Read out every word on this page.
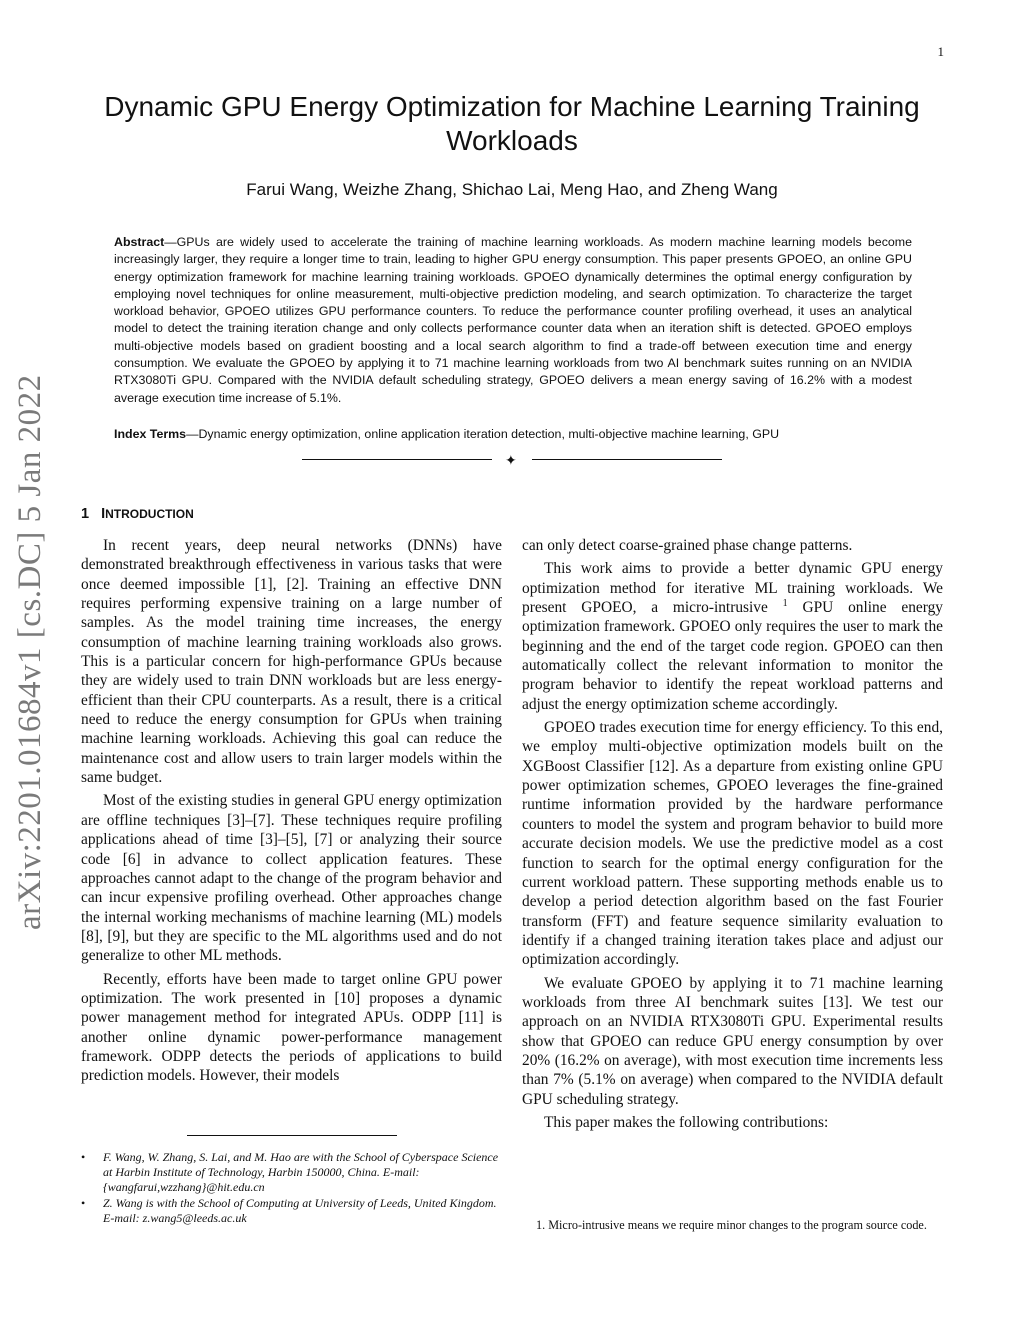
1
arXiv:2201.01684v1 [cs.DC] 5 Jan 2022
Dynamic GPU Energy Optimization for Machine Learning Training Workloads
Farui Wang, Weizhe Zhang, Shichao Lai, Meng Hao, and Zheng Wang

Abstract—GPUs are widely used to accelerate the training of machine learning workloads. As modern machine learning models become increasingly larger, they require a longer time to train, leading to higher GPU energy consumption. This paper presents GPOEO, an online GPU energy optimization framework for machine learning training workloads. GPOEO dynamically determines the optimal energy configuration by employing novel techniques for online measurement, multi-objective prediction modeling, and search optimization. To characterize the target workload behavior, GPOEO utilizes GPU performance counters. To reduce the performance counter profiling overhead, it uses an analytical model to detect the training iteration change and only collects performance counter data when an iteration shift is detected. GPOEO employs multi-objective models based on gradient boosting and a local search algorithm to find a trade-off between execution time and energy consumption. We evaluate the GPOEO by applying it to 71 machine learning workloads from two AI benchmark suites running on an NVIDIA RTX3080Ti GPU. Compared with the NVIDIA default scheduling strategy, GPOEO delivers a mean energy saving of 16.2% with a modest average execution time increase of 5.1%.

Index Terms—Dynamic energy optimization, online application iteration detection, multi-objective machine learning, GPU

✦
1 INTRODUCTION

In recent years, deep neural networks (DNNs) have demonstrated breakthrough effectiveness in various tasks that were once deemed impossible [1], [2]. Training an effective DNN requires performing expensive training on a large number of samples. As the model training time increases, the energy consumption of machine learning training workloads also grows. This is a particular concern for high-performance GPUs because they are widely used to train DNN workloads but are less energy-efficient than their CPU counterparts. As a result, there is a critical need to reduce the energy consumption for GPUs when training machine learning workloads. Achieving this goal can reduce the maintenance cost and allow users to train larger models within the same budget.

Most of the existing studies in general GPU energy optimization are offline techniques [3]–[7]. These techniques require profiling applications ahead of time [3]–[5], [7] or analyzing their source code [6] in advance to collect application features. These approaches cannot adapt to the change of the program behavior and can incur expensive profiling overhead. Other approaches change the internal working mechanisms of machine learning (ML) models [8], [9], but they are specific to the ML algorithms used and do not generalize to other ML methods.

Recently, efforts have been made to target online GPU power optimization. The work presented in [10] proposes a dynamic power management method for integrated APUs. ODPP [11] is another online dynamic power-performance management framework. ODPP detects the periods of applications to build prediction models. However, their models

can only detect coarse-grained phase change patterns.

This work aims to provide a better dynamic GPU energy optimization method for iterative ML training workloads. We present GPOEO, a micro-intrusive $^1$ GPU online energy optimization framework. GPOEO only requires the user to mark the beginning and the end of the target code region. GPOEO can then automatically collect the relevant information to monitor the program behavior to identify the repeat workload patterns and adjust the energy optimization scheme accordingly.

GPOEO trades execution time for energy efficiency. To this end, we employ multi-objective optimization models built on the XGBoost Classifier [12]. As a departure from existing online GPU power optimization schemes, GPOEO leverages the fine-grained runtime information provided by the hardware performance counters to model the system and program behavior to build more accurate decision models. We use the predictive model as a cost function to search for the optimal energy configuration for the current workload pattern. These supporting methods enable us to develop a period detection algorithm based on the fast Fourier transform (FFT) and feature sequence similarity evaluation to identify if a changed training iteration takes place and adjust our optimization accordingly.

We evaluate GPOEO by applying it to 71 machine learning workloads from three AI benchmark suites [13]. We test our approach on an NVIDIA RTX3080Ti GPU. Experimental results show that GPOEO can reduce GPU energy consumption by over 20% (16.2% on average), with most execution time increments less than 7% (5.1% on average) when compared to the NVIDIA default GPU scheduling strategy.

This paper makes the following contributions:

• F. Wang, W. Zhang, S. Lai, and M. Hao are with the School of Cyberspace Science at Harbin Institute of Technology, Harbin 150000, China. E-mail:{wangfarui,wzzhang}@hit.edu.cn
• Z. Wang is with the School of Computing at University of Leeds, United Kingdom. E-mail: z.wang5@leeds.ac.uk
1. Micro-intrusive means we require minor changes to the program source code.
